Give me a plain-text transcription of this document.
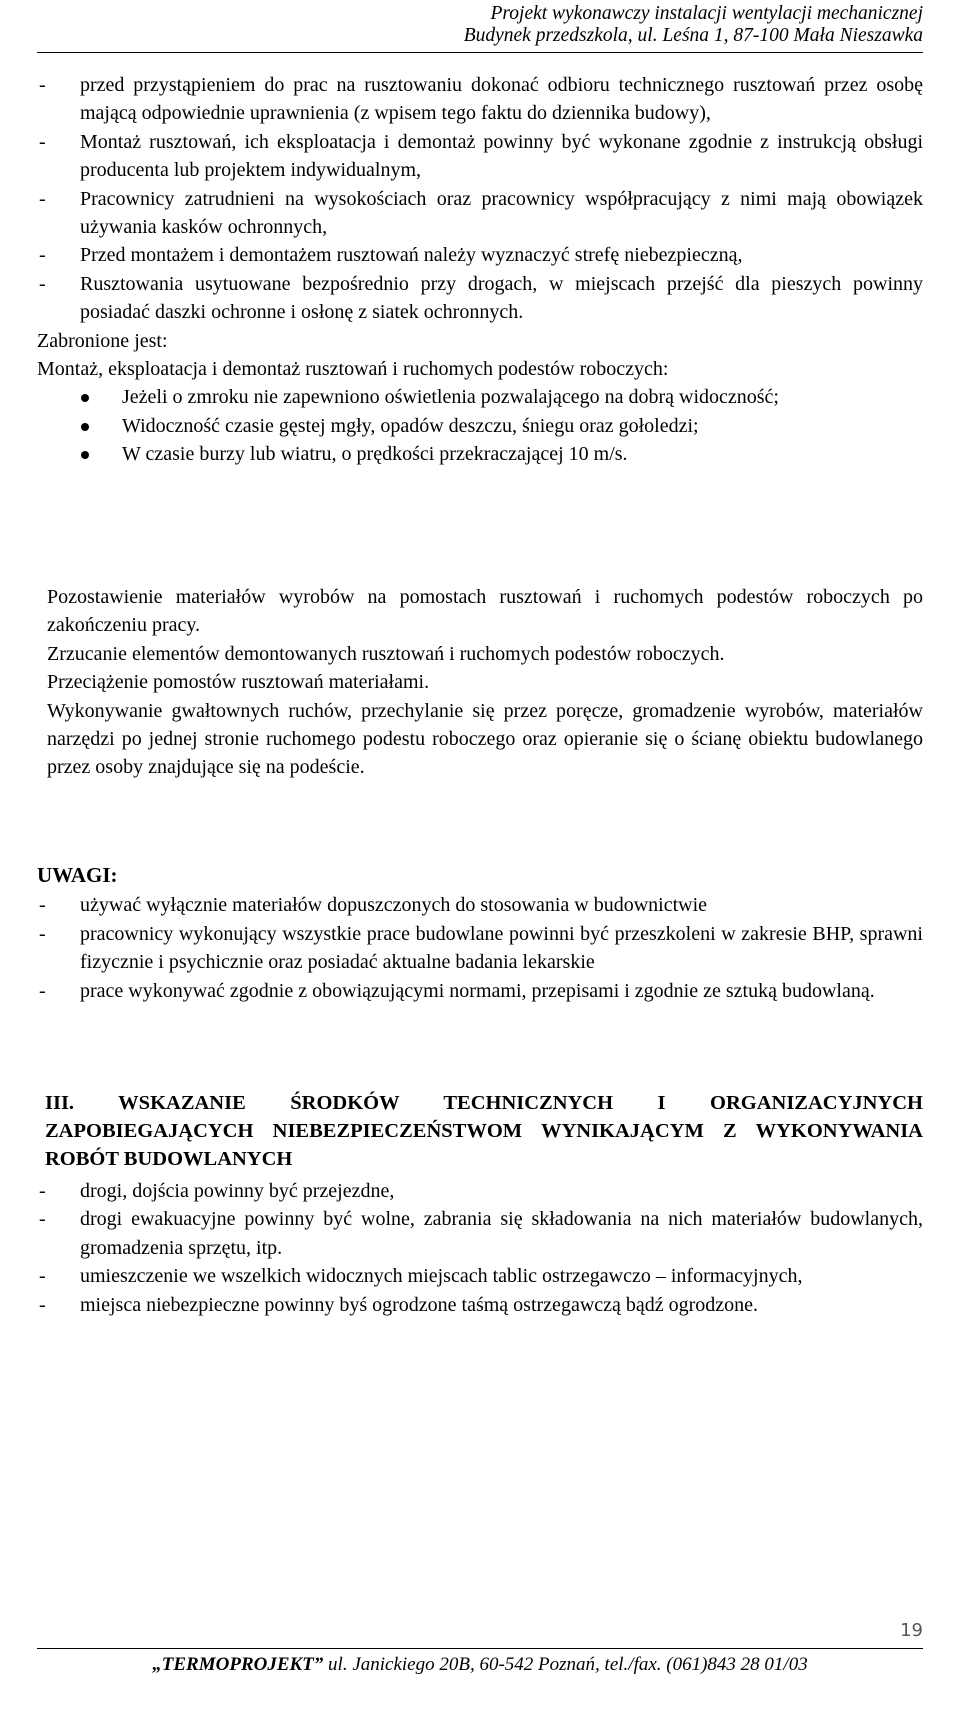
Projekt wykonawczy instalacji wentylacji mechanicznej
Budynek przedszkola, ul. Leśna 1, 87-100 Mała Nieszawka
- przed przystąpieniem do prac na rusztowaniu dokonać odbioru technicznego rusztowań przez osobę mającą odpowiednie uprawnienia (z wpisem tego faktu do dziennika budowy),
- Montaż rusztowań, ich eksploatacja i demontaż powinny być wykonane zgodnie z instrukcją obsługi producenta lub projektem indywidualnym,
- Pracownicy zatrudnieni na wysokościach oraz pracownicy współpracujący z nimi mają obowiązek używania kasków ochronnych,
- Przed montażem i demontażem rusztowań należy wyznaczyć strefę niebezpieczną,
- Rusztowania usytuowane bezpośrednio przy drogach, w miejscach przejść dla pieszych powinny posiadać daszki ochronne i osłonę z siatek ochronnych.
Zabronione jest:
Montaż, eksploatacja i demontaż rusztowań i ruchomych podestów roboczych:
Jeżeli o zmroku nie zapewniono oświetlenia pozwalającego na dobrą widoczność;
Widoczność czasie gęstej mgły, opadów deszczu, śniegu oraz gołoledzi;
W czasie burzy lub wiatru, o prędkości przekraczającej 10 m/s.

Pozostawienie materiałów wyrobów na pomostach rusztowań i ruchomych podestów roboczych po zakończeniu pracy.

Zrzucanie elementów demontowanych rusztowań i ruchomych podestów roboczych.

Przeciążenie pomostów rusztowań materiałami.

Wykonywanie gwałtownych ruchów, przechylanie się przez poręcze, gromadzenie wyrobów, materiałów narzędzi po jednej stronie ruchomego podestu roboczego oraz opieranie się o ścianę obiektu budowlanego przez osoby znajdujące się na podeście.

UWAGI:
- używać wyłącznie materiałów dopuszczonych do stosowania w budownictwie
- pracownicy wykonujący wszystkie prace budowlane powinni być przeszkoleni w zakresie BHP, sprawni fizycznie i psychicznie oraz posiadać aktualne badania lekarskie
- prace wykonywać zgodnie z obowiązującymi normami, przepisami i zgodnie ze sztuką budowlaną.
III. WSKAZANIE ŚRODKÓW TECHNICZNYCH I ORGANIZACYJNYCH ZAPOBIEGAJĄCYCH NIEBEZPIECZEŃSTWOM WYNIKAJĄCYM Z WYKONYWANIA ROBÓT BUDOWLANYCH
- drogi, dojścia powinny być przejezdne,
- drogi ewakuacyjne powinny być wolne, zabrania się składowania na nich materiałów budowlanych, gromadzenia sprzętu, itp.
- umieszczenie we wszelkich widocznych miejscach tablic ostrzegawczo – informacyjnych,
- miejsca niebezpieczne powinny byś ogrodzone taśmą ostrzegawczą bądź ogrodzone.
19
„TERMOPROJEKT” ul. Janickiego 20B, 60-542 Poznań, tel./fax. (061)843 28 01/03
